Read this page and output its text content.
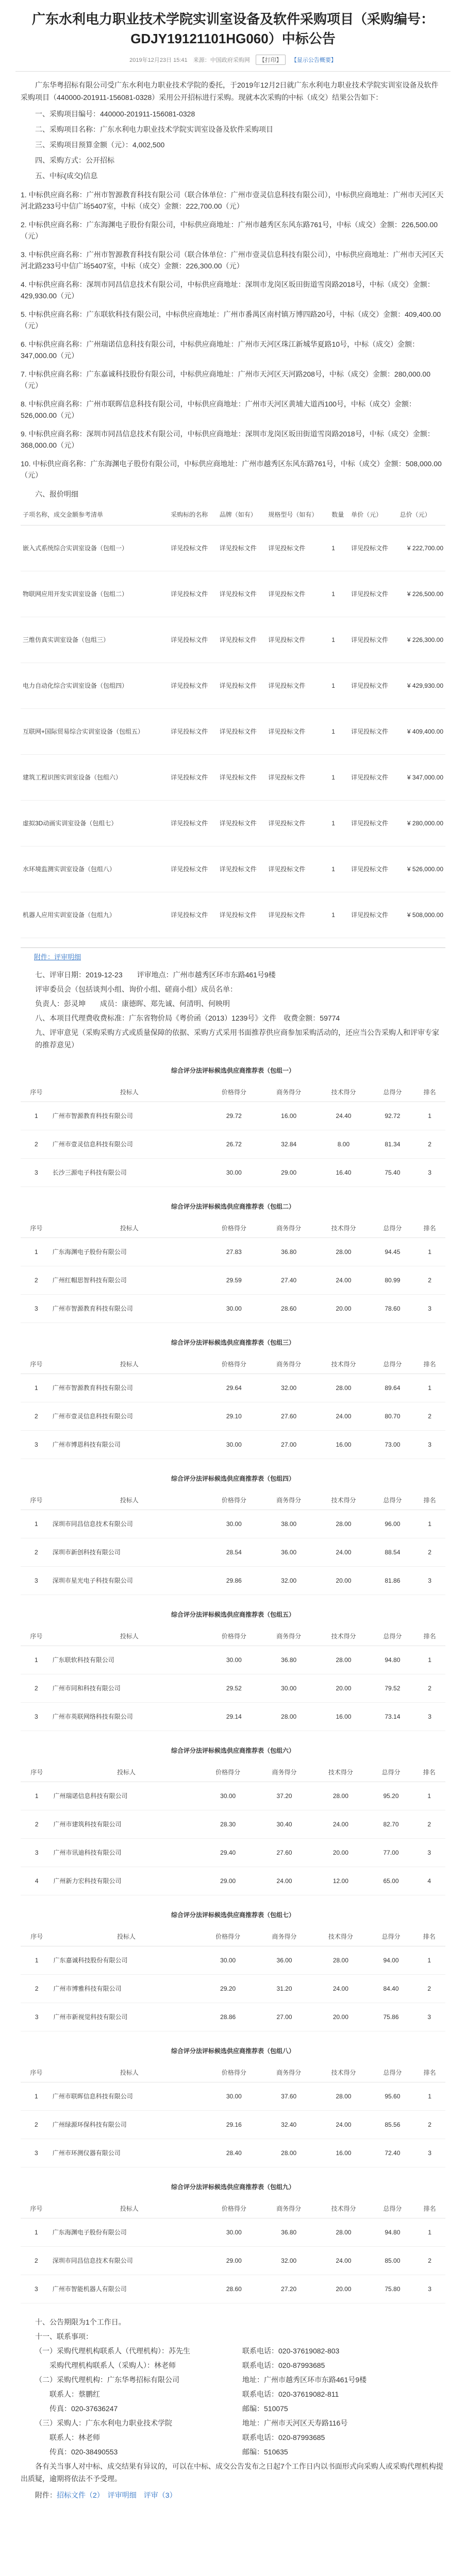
广东水利电力职业技术学院实训室设备及软件采购项目（采购编号：GDJY19121101HG060）中标公告
2019年12月23日 15:41 来源：中国政府采购网 【打印】 【显示公告概要】

广东华粤招标有限公司受广东水利电力职业技术学院的委托，于2019年12月2日就广东水利电力职业技术学院实训室设备及软件采购项目（440000-201911-156081-0328）采用公开招标进行采购。现就本次采购的中标（成交）结果公告如下：

一、采购项目编号：440000-201911-156081-0328
二、采购项目名称：广东水利电力职业技术学院实训室设备及软件采购项目
三、采购项目预算金额（元）：4,002,500
四、采购方式：公开招标
五、中标(成交)信息
1. 中标供应商名称：广州市智源教育科技有限公司（联合体单位：广州市壹灵信息科技有限公司），中标供应商地址：广州市天河区天河北路233号中信广场5407室，中标（成交）金额：222,700.00（元）
2. 中标供应商名称：广东海渊电子股份有限公司，中标供应商地址：广州市越秀区东风东路761号，中标（成交）金额：226,500.00（元）
3. 中标供应商名称：广州市智源教育科技有限公司（联合体单位：广州市壹灵信息科技有限公司），中标供应商地址：广州市天河区天河北路233号中信广场5407室，中标（成交）金额：226,300.00（元）
4. 中标供应商名称：深圳市同昌信息技术有限公司，中标供应商地址：深圳市龙岗区坂田街道雪岗路2018号，中标（成交）金额：429,930.00（元）
5. 中标供应商名称：广东联软科技有限公司，中标供应商地址：广州市番禺区南村镇万博四路20号，中标（成交）金额：409,400.00（元）
6. 中标供应商名称：广州瑞诺信息科技有限公司，中标供应商地址：广州市天河区珠江新城华夏路10号，中标（成交）金额：347,000.00（元）
7. 中标供应商名称：广东嘉诚科技股份有限公司，中标供应商地址：广州市天河区天河路208号，中标（成交）金额：280,000.00（元）
8. 中标供应商名称：广州市联晖信息科技有限公司，中标供应商地址：广州市天河区黄埔大道西100号，中标（成交）金额：526,000.00（元）
9. 中标供应商名称：深圳市同昌信息技术有限公司，中标供应商地址：深圳市龙岗区坂田街道雪岗路2018号，中标（成交）金额：368,000.00（元）
10. 中标供应商名称：广东海渊电子股份有限公司，中标供应商地址：广州市越秀区东风东路761号，中标（成交）金额：508,000.00（元）
六、报价明细
子项名称，成交金额参考清单	采购标的名称	品牌（如有）	规格型号（如有）	数量	单价（元）	总价（元）
嵌入式系统综合实训室设备（包组一）	详见投标文件	详见投标文件	详见投标文件	1	详见投标文件	¥ 222,700.00
物联网应用开发实训室设备（包组二）	详见投标文件	详见投标文件	详见投标文件	1	详见投标文件	¥ 226,500.00
三维仿真实训室设备（包组三）	详见投标文件	详见投标文件	详见投标文件	1	详见投标文件	¥ 226,300.00
电力自动化综合实训室设备（包组四）	详见投标文件	详见投标文件	详见投标文件	1	详见投标文件	¥ 429,930.00
互联网+国际贸易综合实训室设备（包组五）	详见投标文件	详见投标文件	详见投标文件	1	详见投标文件	¥ 409,400.00
建筑工程识图实训室设备（包组六）	详见投标文件	详见投标文件	详见投标文件	1	详见投标文件	¥ 347,000.00
虚拟3D动画实训室设备（包组七）	详见投标文件	详见投标文件	详见投标文件	1	详见投标文件	¥ 280,000.00
水环境监测实训室设备（包组八）	详见投标文件	详见投标文件	详见投标文件	1	详见投标文件	¥ 526,000.00
机器人应用实训室设备（包组九）	详见投标文件	详见投标文件	详见投标文件	1	详见投标文件	¥ 508,000.00
附件：评审明细
七、评审日期：2019-12-23　　评审地点：广州市越秀区环市东路461号9楼
评审委员会（包括谈判小组、询价小组、磋商小组）成员名单：
负责人：彭灵坤　　成员：康德晖、郑先诚、何清明、何映明
八、本项目代理费收费标准：广东省物价局《粤价函（2013）1239号》文件　收费金额：59774
九、评审意见（采购采购方式或质量保障的依据、采购方式采用书面推荐供应商参加采购活动的，还应当公告采购人和评审专家的推荐意见）
综合评分法评标候选供应商推荐表（包组一）
序号	投标人	价格得分	商务得分	技术得分	总得分	排名
1	广州市智源教育科技有限公司	29.72	16.00	24.40	92.72	1
2	广州市壹灵信息科技有限公司	26.72	32.84	8.00	81.34	2
3	长沙三源电子科技有限公司	30.00	29.00	16.40	75.40	3
综合评分法评标候选供应商推荐表（包组二）
序号	投标人	价格得分	商务得分	技术得分	总得分	排名
1	广东海渊电子股份有限公司	27.83	36.80	28.00	94.45	1
2	广州红帽思智科技有限公司	29.59	27.40	24.00	80.99	2
3	广州市智源教育科技有限公司	30.00	28.60	20.00	78.60	3
综合评分法评标候选供应商推荐表（包组三）
序号	投标人	价格得分	商务得分	技术得分	总得分	排名
1	广州市智源教育科技有限公司	29.64	32.00	28.00	89.64	1
2	广州市壹灵信息科技有限公司	29.10	27.60	24.00	80.70	2
3	广州市博恩科技有限公司	30.00	27.00	16.00	73.00	3
综合评分法评标候选供应商推荐表（包组四）
序号	投标人	价格得分	商务得分	技术得分	总得分	排名
1	深圳市同昌信息技术有限公司	30.00	38.00	28.00	96.00	1
2	深圳市新创科技有限公司	28.54	36.00	24.00	88.54	2
3	深圳市星光电子科技有限公司	29.86	32.00	20.00	81.86	3
综合评分法评标候选供应商推荐表（包组五）
序号	投标人	价格得分	商务得分	技术得分	总得分	排名
1	广东联软科技有限公司	30.00	36.80	28.00	94.80	1
2	广州市同和科技有限公司	29.52	30.00	20.00	79.52	2
3	广州市英联网络科技有限公司	29.14	28.00	16.00	73.14	3
综合评分法评标候选供应商推荐表（包组六）
序号	投标人	价格得分	商务得分	技术得分	总得分	排名
1	广州瑞诺信息科技有限公司	30.00	37.20	28.00	95.20	1
2	广州市建筑科技有限公司	28.30	30.40	24.00	82.70	2
3	广州市讯迪科技有限公司	29.40	27.60	20.00	77.00	3
4	广州新力宏科技有限公司	29.00	24.00	12.00	65.00	4
综合评分法评标候选供应商推荐表（包组七）
序号	投标人	价格得分	商务得分	技术得分	总得分	排名
1	广东嘉诚科技股份有限公司	30.00	36.00	28.00	94.00	1
2	广州市博雅科技有限公司	29.20	31.20	24.00	84.40	2
3	广州市新视觉科技有限公司	28.86	27.00	20.00	75.86	3
综合评分法评标候选供应商推荐表（包组八）
序号	投标人	价格得分	商务得分	技术得分	总得分	排名
1	广州市联晖信息科技有限公司	30.00	37.60	28.00	95.60	1
2	广州绿源环保科技有限公司	29.16	32.40	24.00	85.56	2
3	广州市环测仪器有限公司	28.40	28.00	16.00	72.40	3
综合评分法评标候选供应商推荐表（包组九）
序号	投标人	价格得分	商务得分	技术得分	总得分	排名
1	广东海渊电子股份有限公司	30.00	36.80	28.00	94.80	1
2	深圳市同昌信息技术有限公司	29.00	32.00	24.00	85.00	2
3	广州市智能机器人有限公司	28.60	27.20	20.00	75.80	3
十、公告期限为1个工作日。
十一、联系事项：
（一）采购代理机构联系人（代理机构）：苏先生	联系电话：020-37619082-803
　　采购代理机构联系人（采购人）：林老师	联系电话：020-87993685
（二）采购代理机构：广东华粤招标有限公司	地址：广州市越秀区环市东路461号9楼
　　联系人：蔡鹏红	联系电话：020-37619082-811
　　传真：020-37636247	邮编：510075
（三）采购人：广东水利电力职业技术学院	地址：广州市天河区天寿路116号
　　联系人：林老师	联系电话：020-87993685
　　传真：020-38490553	邮编：510635

各有关当事人对中标、成交结果有异议的，可以在中标、成交公告发布之日起7个工作日内以书面形式向采购人或采购代理机构提出质疑，逾期将依法不予受理。

附件：招标文件（2）　评审明细　评审（3）
